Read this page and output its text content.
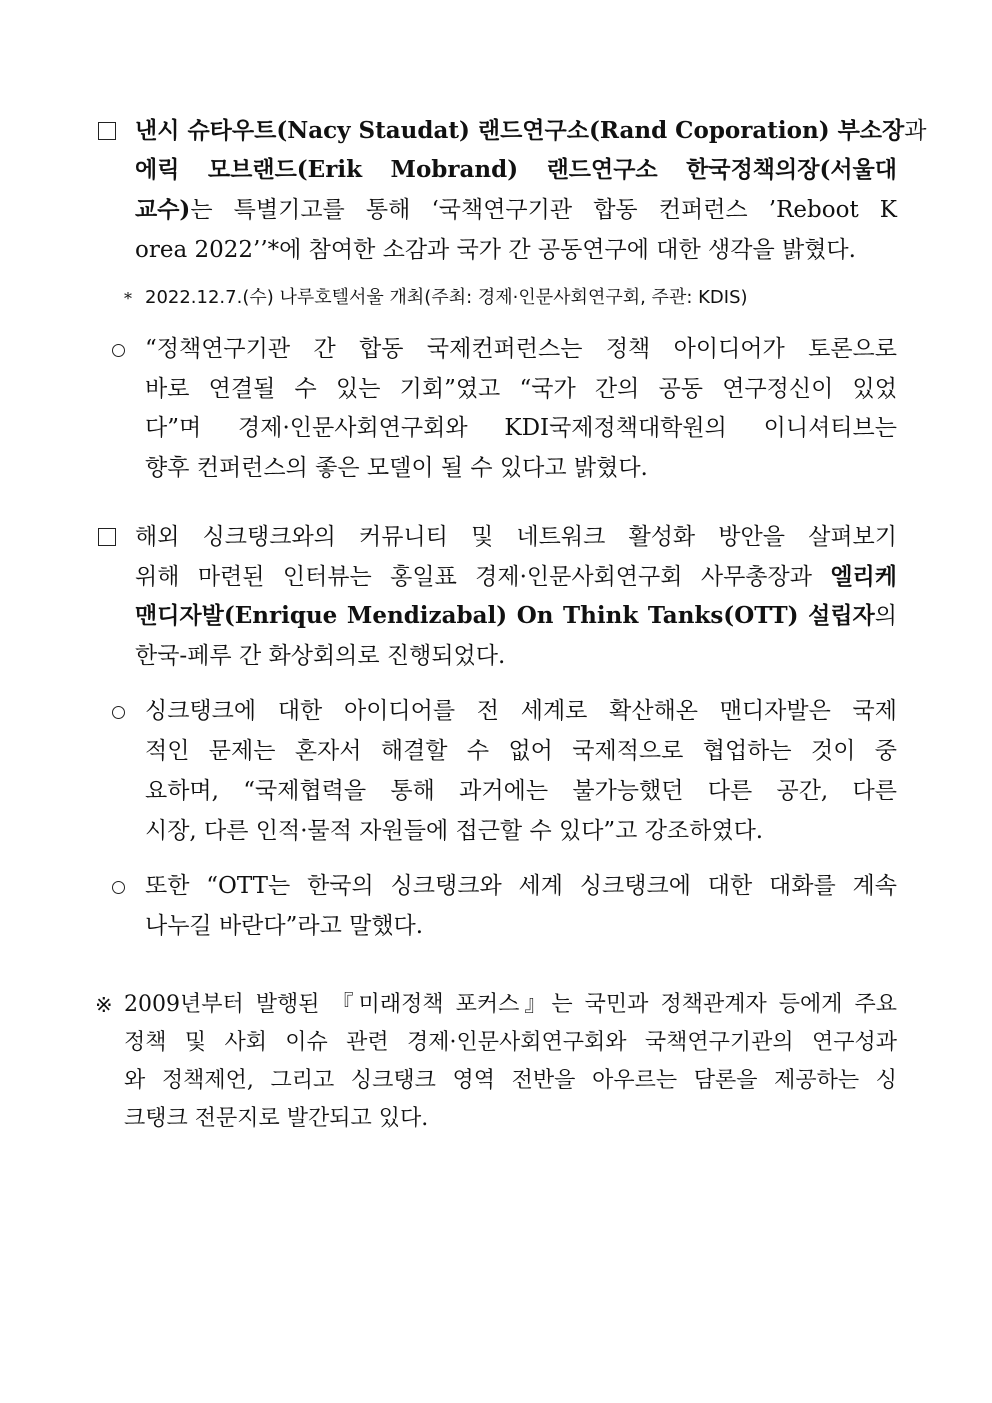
낸시 슈타우트(Nacy Staudat) 랜드연구소(Rand Coporation) 부소장과
에릭 모브랜드(Erik Mobrand) 랜드연구소 한국정책의장(서울대
교수)는 특별기고를 통해 ‘국책연구기관 합동 컨퍼런스 ’Reboot K
orea 2022’’*에 참여한 소감과 국가 간 공동연구에 대한 생각을 밝혔다.
* 2022.12.7.(수) 나루호텔서울 개최(주최: 경제·인문사회연구회, 주관: KDIS)
“정책연구기관 간 합동 국제컨퍼런스는 정책 아이디어가 토론으로
바로 연결될 수 있는 기회”였고 “국가 간의 공동 연구정신이 있었
다”며 경제·인문사회연구회와 KDI국제정책대학원의 이니셔티브는
향후 컨퍼런스의 좋은 모델이 될 수 있다고 밝혔다.
해외 싱크탱크와의 커뮤니티 및 네트워크 활성화 방안을 살펴보기
위해 마련된 인터뷰는 홍일표 경제·인문사회연구회 사무총장과 엘리케
맨디자발(Enrique Mendizabal) On Think Tanks(OTT) 설립자의
한국-페루 간 화상회의로 진행되었다.
싱크탱크에 대한 아이디어를 전 세계로 확산해온 맨디자발은 국제
적인 문제는 혼자서 해결할 수 없어 국제적으로 협업하는 것이 중
요하며, “국제협력을 통해 과거에는 불가능했던 다른 공간, 다른
시장, 다른 인적·물적 자원들에 접근할 수 있다”고 강조하였다.
또한 “OTT는 한국의 싱크탱크와 세계 싱크탱크에 대한 대화를 계속
나누길 바란다”라고 말했다.
※ 2009년부터 발행된 『미래정책 포커스』는 국민과 정책관계자 등에게 주요
정책 및 사회 이슈 관련 경제·인문사회연구회와 국책연구기관의 연구성과
와 정책제언, 그리고 싱크탱크 영역 전반을 아우르는 담론을 제공하는 싱
크탱크 전문지로 발간되고 있다.
